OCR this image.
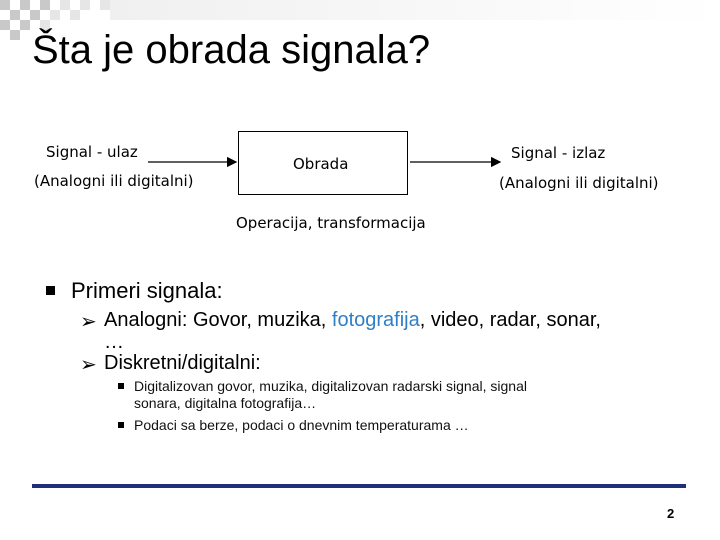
Šta je obrada signala?
Signal - ulaz
(Analogni ili digitalni)
Obrada
Signal - izlaz
(Analogni ili digitalni)
Operacija, transformacija
Primeri signala:
➢ Analogni: Govor, muzika, fotografija, video, radar, sonar,
…
➢ Diskretni/digitalni:
Digitalizovan govor, muzika, digitalizovan radarski signal, signal
sonara, digitalna fotografija…
Podaci sa berze, podaci o dnevnim temperaturama …
2
